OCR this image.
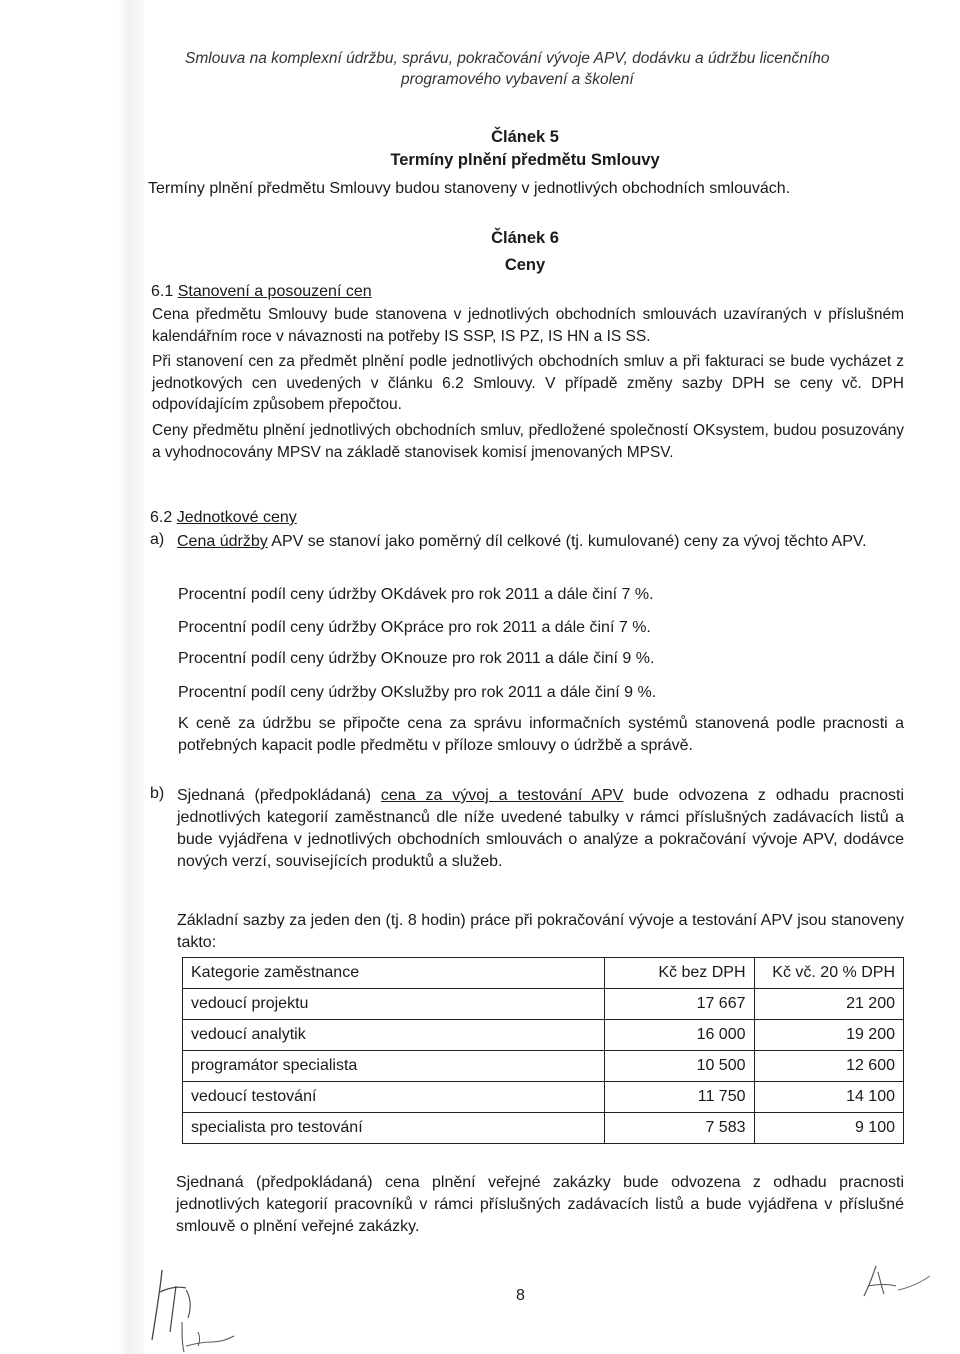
Smlouva na komplexní údržbu, správu, pokračování vývoje APV, dodávku a údržbu licenčního
programového vybavení a školení
Článek 5
Termíny plnění předmětu Smlouvy
Termíny plnění předmětu Smlouvy budou stanoveny v jednotlivých obchodních smlouvách.
Článek 6
Ceny
6.1 Stanovení a posouzení cen
Cena předmětu Smlouvy bude stanovena v jednotlivých obchodních smlouvách uzavíraných v příslušném kalendářním roce v návaznosti na potřeby IS SSP, IS PZ, IS HN a IS SS.
Při stanovení cen za předmět plnění podle jednotlivých obchodních smluv a při fakturaci se bude vycházet z jednotkových cen uvedených v článku 6.2 Smlouvy. V případě změny sazby DPH se ceny vč. DPH odpovídajícím způsobem přepočtou.
Ceny předmětu plnění jednotlivých obchodních smluv, předložené společností OKsystem, budou posuzovány a vyhodnocovány MPSV na základě stanovisek komisí jmenovaných MPSV.
6.2 Jednotkové ceny
a) Cena údržby APV se stanoví jako poměrný díl celkové (tj. kumulované) ceny za vývoj těchto APV.
Procentní podíl ceny údržby OKdávek pro rok 2011 a dále činí 7 %.
Procentní podíl ceny údržby OKpráce pro rok 2011 a dále činí 7 %.
Procentní podíl ceny údržby OKnouze pro rok 2011 a dále činí 9 %.
Procentní podíl ceny údržby OKslužby pro rok 2011 a dále činí 9 %.
K ceně za údržbu se připočte cena za správu informačních systémů stanovená podle pracnosti a potřebných kapacit podle předmětu v příloze smlouvy o údržbě a správě.
b) Sjednaná (předpokládaná) cena za vývoj a testování APV bude odvozena z odhadu pracnosti jednotlivých kategorií zaměstnanců dle níže uvedené tabulky v rámci příslušných zadávacích listů a bude vyjádřena v jednotlivých obchodních smlouvách o analýze a pokračování vývoje APV, dodávce nových verzí, souvisejících produktů a služeb.
Základní sazby za jeden den (tj. 8 hodin) práce při pokračování vývoje a testování APV jsou stanoveny takto:
Kategorie zaměstnance	Kč bez DPH	Kč vč. 20 % DPH
vedoucí projektu	17 667	21 200
vedoucí analytik	16 000	19 200
programátor specialista	10 500	12 600
vedoucí testování	11 750	14 100
specialista pro testování	7 583	9 100
Sjednaná (předpokládaná) cena plnění veřejné zakázky bude odvozena z odhadu pracnosti jednotlivých kategorií pracovníků v rámci příslušných zadávacích listů a bude vyjádřena v příslušné smlouvě o plnění veřejné zakázky.
8
